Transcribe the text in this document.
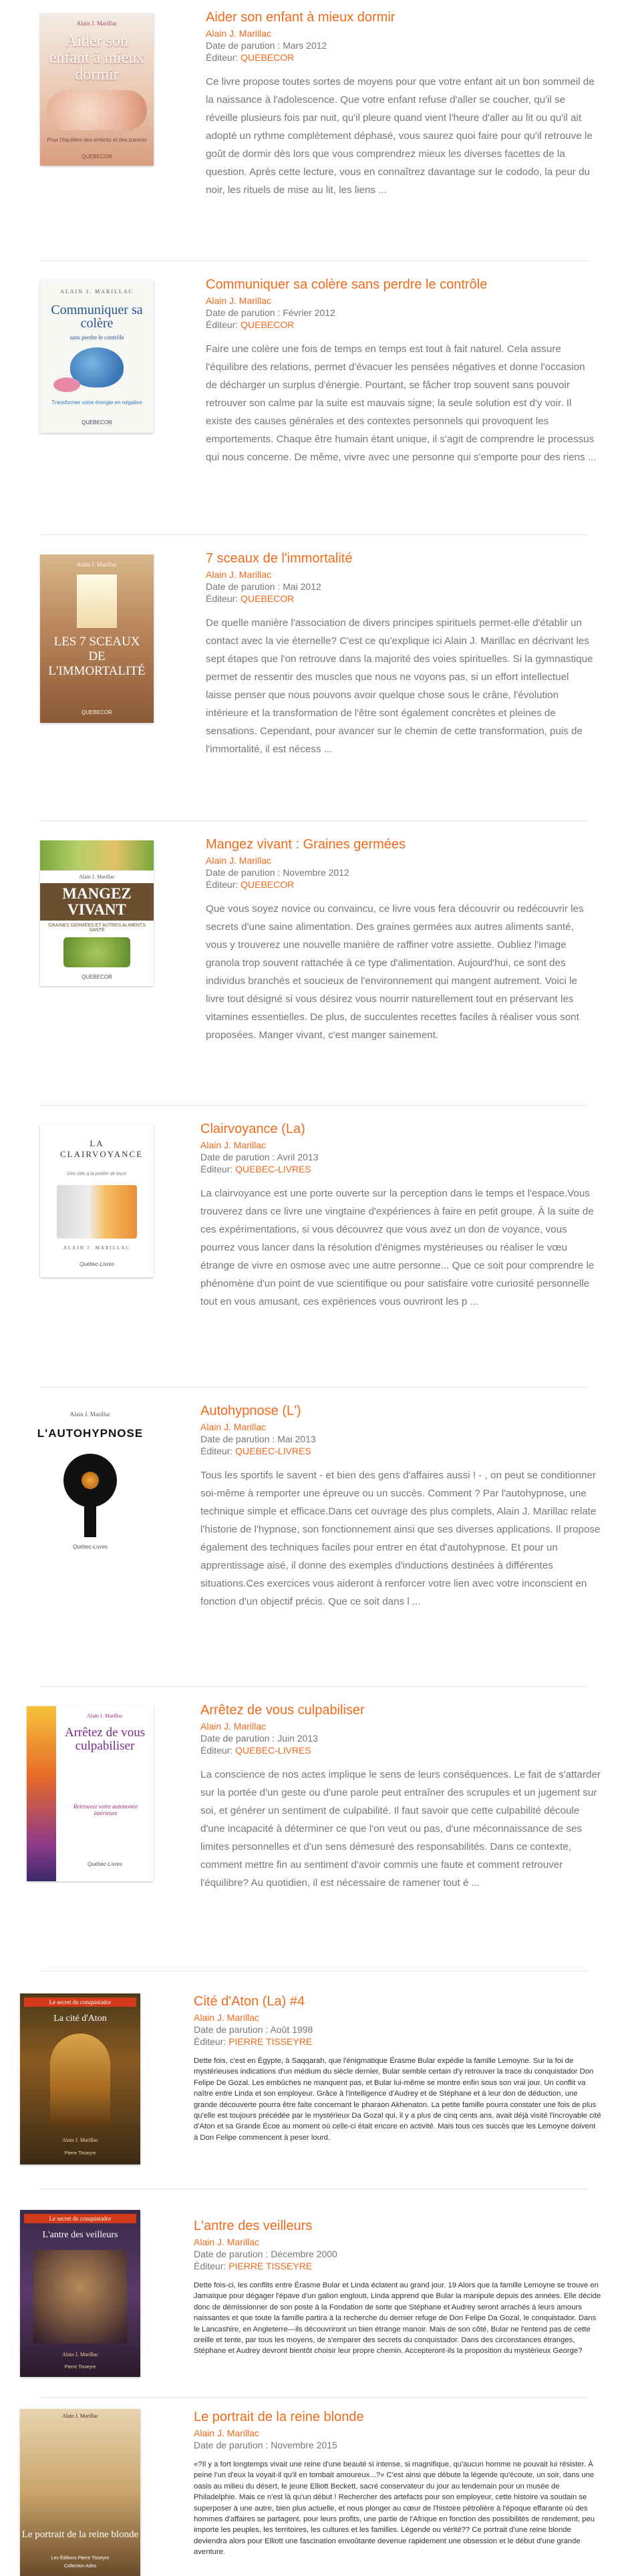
Alain J. Marillac
Aider son enfant à mieux dormir
Pour l'équilibre des enfants et des parents
QUEBECOR
Aider son enfant à mieux dormir
Alain J. Marillac
Date de parution : Mars 2012
Éditeur: QUEBECOR
Ce livre propose toutes sortes de moyens pour que votre enfant ait un bon sommeil de la naissance à l'adolescence. Que votre enfant refuse d'aller se coucher, qu'il se réveille plusieurs fois par nuit, qu'il pleure quand vient l'heure d'aller au lit ou qu'il ait adopté un rythme complètement déphasé, vous saurez quoi faire pour qu'il retrouve le goût de dormir dès lors que vous comprendrez mieux les diverses facettes de la question. Après cette lecture, vous en connaîtrez davantage sur le cododo, la peur du noir, les rituels de mise au lit, les liens ...
ALAIN J. MARILLAC
Communiquer sa colère
sans perdre le contrôle
Transformer votre énergie en négative
QUEBECOR
Communiquer sa colère sans perdre le contrôle
Alain J. Marillac
Date de parution : Février 2012
Éditeur: QUEBECOR
Faire une colère une fois de temps en temps est tout à fait naturel. Cela assure l'équilibre des relations, permet d'évacuer les pensées négatives et donne l'occasion de décharger un surplus d'énergie. Pourtant, se fâcher trop souvent sans pouvoir retrouver son calme par la suite est mauvais signe; la seule solution est d'y voir. Il existe des causes générales et des contextes personnels qui provoquent les emportements. Chaque être humain étant unique, il s'agit de comprendre le processus qui nous concerne. De même, vivre avec une personne qui s'emporte pour des riens ...
Alain J. Marillac
LES 7 SCEAUX DE L'IMMORTALITÉ
QUEBECOR
7 sceaux de l'immortalité
Alain J. Marillac
Date de parution : Mai 2012
Éditeur: QUEBECOR
De quelle manière l'association de divers principes spirituels permet-elle d'établir un contact avec la vie éternelle? C'est ce qu'explique ici Alain J. Marillac en décrivant les sept étapes que l'on retrouve dans la majorité des voies spirituelles. Si la gymnastique permet de ressentir des muscles que nous ne voyons pas, si un effort intellectuel laisse penser que nous pouvons avoir quelque chose sous le crâne, l'évolution intérieure et la transformation de l'être sont également concrètes et pleines de sensations. Cependant, pour avancer sur le chemin de cette transformation, puis de l'immortalité, il est nécess ...
Alain J. Marillac
MANGEZ VIVANT
GRAINES GERMÉES ET AUTRES ALIMENTS SANTÉ
QUEBECOR
Mangez vivant : Graines germées
Alain J. Marillac
Date de parution : Novembre 2012
Éditeur: QUEBECOR
Que vous soyez novice ou convaincu, ce livre vous fera découvrir ou redécouvrir les secrets d'une saine alimentation. Des graines germées aux autres aliments santé, vous y trouverez une nouvelle manière de raffiner votre assiette. Oubliez l'image granola trop souvent rattachée à ce type d'alimentation. Aujourd'hui, ce sont des individus branchés et soucieux de l'environnement qui mangent autrement. Voici le livre tout désigné si vous désirez vous nourrir naturellement tout en préservant les vitamines essentielles. De plus, de succulentes recettes faciles à réaliser vous sont proposées. Manger vivant, c'est manger sainement.
LA CLAIRVOYANCE
Des clés à la portée de tous!
ALAIN J. MARILLAC
Québec-Livres
Clairvoyance (La)
Alain J. Marillac
Date de parution : Avril 2013
Éditeur: QUEBEC-LIVRES
La clairvoyance est une porte ouverte sur la perception dans le temps et l'espace.Vous trouverez dans ce livre une vingtaine d'expériences à faire en petit groupe. À la suite de ces expérimentations, si vous découvrez que vous avez un don de voyance, vous pourrez vous lancer dans la résolution d'énigmes mystérieuses ou réaliser le vœu étrange de vivre en osmose avec une autre personne... Que ce soit pour comprendre le phénomène d'un point de vue scientifique ou pour satisfaire votre curiosité personnelle tout en vous amusant, ces expériences vous ouvriront les p ...
Alain J. Marillac
L'AUTOHYPNOSE
Québec-Livres
Autohypnose (L')
Alain J. Marillac
Date de parution : Mai 2013
Éditeur: QUEBEC-LIVRES
Tous les sportifs le savent - et bien des gens d'affaires aussi ! - , on peut se conditionner soi-même à remporter une épreuve ou un succès. Comment ? Par l'autohypnose, une technique simple et efficace.Dans cet ouvrage des plus complets, Alain J. Marillac relate l'historie de l'hypnose, son fonctionnement ainsi que ses diverses applications. Il propose également des techniques faciles pour entrer en état d'autohypnose. Et pour un apprentissage aisé, il donne des exemples d'inductions destinées à différentes situations.Ces exercices vous aideront à renforcer votre lien avec votre inconscient en fonction d'un objectif précis. Que ce soit dans l ...
Alain J. Marillac
Arrêtez de vous culpabiliser
Retrouvez votre autonomie intérieure
Québec-Livres
Arrêtez de vous culpabiliser
Alain J. Marillac
Date de parution : Juin 2013
Éditeur: QUEBEC-LIVRES
La conscience de nos actes implique le sens de leurs conséquences. Le fait de s'attarder sur la portée d'un geste ou d'une parole peut entraîner des scrupules et un jugement sur soi, et générer un sentiment de culpabilité. Il faut savoir que cette culpabilité découle d'une incapacité à déterminer ce que l'on veut ou pas, d'une méconnaissance de ses limites personnelles et d'un sens démesuré des responsabilités. Dans ce contexte, comment mettre fin au sentiment d'avoir commis une faute et comment retrouver l'équilibre? Au quotidien, il est nécessaire de ramener tout é ...
Le secret du conquistador
La cité d'Aton
Alain J. Marillac
Pierre Tisseyre
Cité d'Aton (La) #4
Alain J. Marillac
Date de parution : Août 1998
Éditeur: PIERRE TISSEYRE
Dette fois, c'est en Égypte, à Saqqarah, que l'énigmatique Érasme Bular expédie la famille Lemoyne. Sur la foi de mystérieuses indications d'un médium du siècle dernier, Bular semble certain d'y retrouver la trace du conquistador Don Felipe De Gozal. Les embûches ne manquent pas, et Bular lui-même se montre enfin sous son vrai jour. Un conflit va naître entre Linda et son employeur. Grâce à l'intelligence d'Audrey et de Stéphane et à leur don de déduction, une grande découverte pourra être faite concernant le pharaon Akhenaton. La petite famille pourra constater une fois de plus qu'elle est toujours précédée par le mystérieux Da Gozal qui, il y a plus de cinq cents ans, avait déjà visité l'incroyable cité d'Aton et sa Grande Écoe au moment où celle-ci était encore en activité. Mais tous ces succès que les Lemoyne doivent à Don Felipe commencent à peser lourd.
Le secret du conquistador
L'antre des veilleurs
Alain J. Marillac
Pierre Tisseyre
L'antre des veilleurs
Alain J. Marillac
Date de parution : Décembre 2000
Éditeur: PIERRE TISSEYRE
Dette fois-ci, les conflits entre Érasme Bular et Linda éclatent au grand jour. 19 Alors que la famille Lemoyne se trouve en Jamaïque pour dégager l'épave d'un galion englouti, Linda apprend que Bular la manipule depuis des années. Elle décide donc de démissionner de son poste à la Fondation de sorte que Stéphane et Audrey seront arrachés à leurs amours naissantes et que toute la famille partira à la recherche du dernier refuge de Don Felipe Da Gozal, le conquistador. Dans le Lancashire, en Angleterre—ils découvriront un bien étrange manoir. Mais de son côté, Bular ne l'entend pas de cette oreille et tente, par tous les moyens, de s'emparer des secrets du conquistador. Dans des circonstances étranges, Stéphane et Audrey devront bientôt choisir leur propre chemin. Accepteront-ils la proposition du mystérieux George?
Alain J. Marillac
Le portrait de la reine blonde
Les Éditions Pierre Tisseyre
Collection Ados
Le portrait de la reine blonde
Alain J. Marillac
Date de parution : Novembre 2015
«?Il y a fort longtemps vivait une reine d'une beauté si intense, si magnifique, qu'aucun homme ne pouvait lui résister. À peine l'un d'eux la voyait-il qu'il en tombait amoureux...?» C'est ainsi que débute la légende qu'écoute, un soir, dans une oasis au milieu du désert, le jeune Elliott Beckett, sacré conservateur du jour au lendemain pour un musée de Philadelphie. Mais ce n'est là qu'un début ! Rechercher des artefacts pour son employeur, cette histoire va soudain se superposer à une autre, bien plus actuelle, et nous plonger au cœur de l'histoire pétrolière à l'époque effarante où des hommes d'affaires se partagent, pour leurs profits, une partie de l'Afrique en fonction des possibilités de rendement, peu importe les peuples, les territoires, les cultures et les familles. Légende ou vérité?? Ce portrait d'une reine blonde deviendra alors pour Elliott une fascination envoûtante devenue rapidement une obsession et le début d'une grande aventure.
